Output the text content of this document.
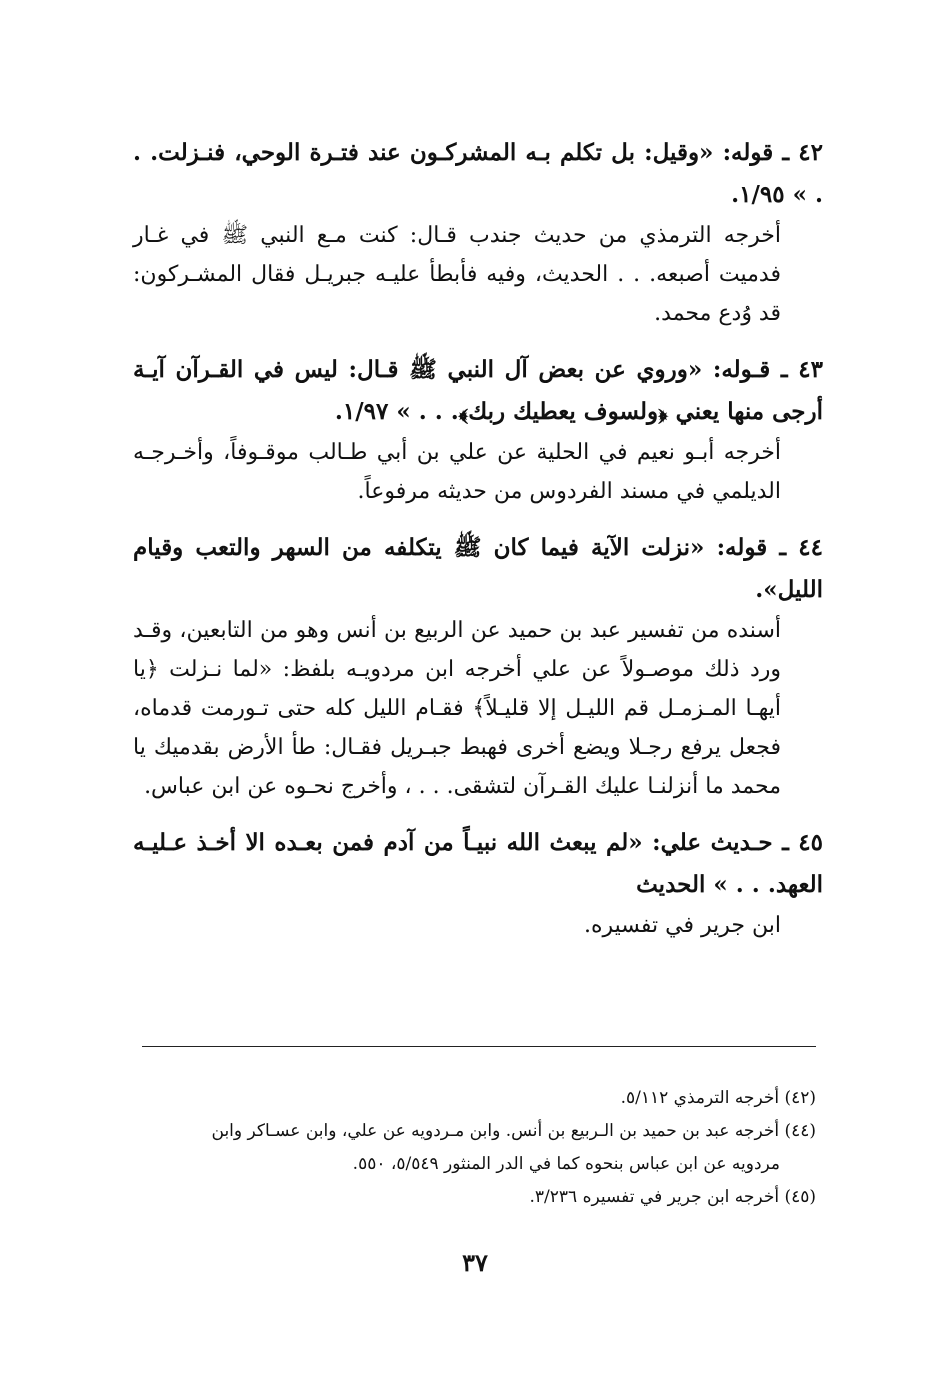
٤٢ ـ قوله: «وقيل: بل تكلم بـه المشركـون عند فتـرة الوحي، فنـزلت. . . » ١/٩٥.
أخرجه الترمذي من حديث جندب قـال: كنت مـع النبي ﷺ في غـار فدميت أصبعه. . . الحديث، وفيه فأبطأ عليـه جبريـل فقال المشـركون: قد وُدع محمد.
٤٣ ـ قـوله: «وروي عن بعض آل النبي ﷺ قـال: ليس في القـرآن آيـة أرجى منها يعني ﴿ولسوف يعطيك ربك﴾. . . » ١/٩٧.
أخرجه أبـو نعيم في الحلية عن علي بن أبي طـالب موقـوفاً، وأخـرجـه الديلمي في مسند الفردوس من حديثه مرفوعاً.
٤٤ ـ قوله: «نزلت الآية فيما كان ﷺ يتكلفه من السهر والتعب وقيام الليل».
أسنده من تفسير عبد بن حميد عن الربيع بن أنس وهو من التابعين، وقـد ورد ذلك موصـولاً عن علي أخرجه ابن مردويـه بلفظ: «لما نـزلت ﴿يا أيهـا المـزمـل قم الليـل إلا قليـلاً﴾ فقـام الليل كله حتى تـورمت قدماه، فجعل يرفع رجـلا ويضع أخرى فهبط جبـريل فقـال: طأ الأرض بقدميك يا محمد ما أنزلنـا عليك القـرآن لتشقى. . . ، وأخرج نحـوه عن ابن عباس.
٤٥ ـ حـديث علي: «لم يبعث الله نبيـاً من آدم فمن بعـده الا أخـذ عـليـه العهد. . . » الحديث
ابن جرير في تفسيره.
(٤٢) أخرجه الترمذي ٥/١١٢.
(٤٤) أخرجه عبد بن حميد بن الـربيع بن أنس. وابن مـردويه عن علي، وابن عسـاكر وابن
مردويه عن ابن عباس بنحوه كما في الدر المنثور ٥/٥٤٩، ٥٥٠.
(٤٥) أخرجه ابن جرير في تفسيره ٣/٢٣٦.
٣٧
